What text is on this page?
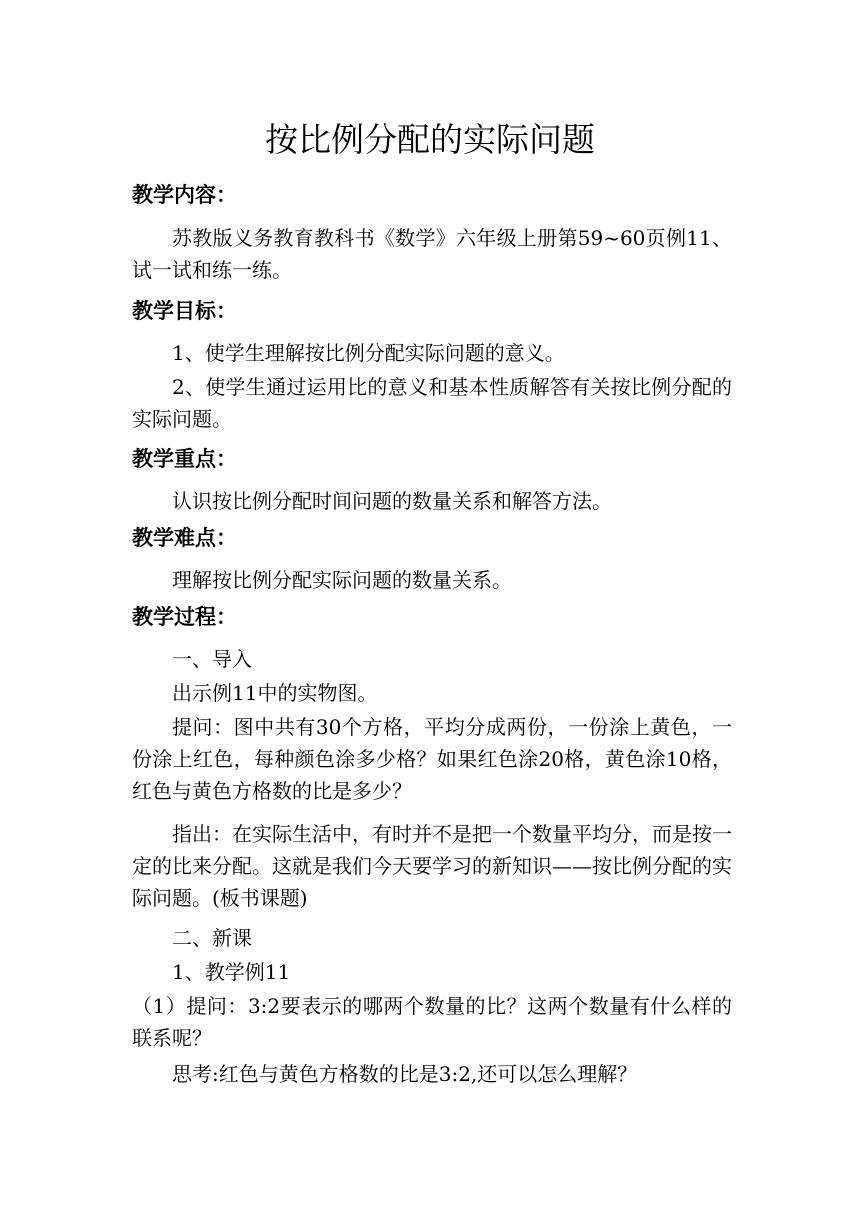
按比例分配的实际问题
教学内容：
苏教版义务教育教科书《数学》六年级上册第59~60页例11、试一试和练一练。
教学目标：
1、使学生理解按比例分配实际问题的意义。
2、使学生通过运用比的意义和基本性质解答有关按比例分配的实际问题。
教学重点：
认识按比例分配时间问题的数量关系和解答方法。
教学难点：
理解按比例分配实际问题的数量关系。
教学过程：
一、导入
出示例11中的实物图。
提问：图中共有30个方格，平均分成两份，一份涂上黄色，一份涂上红色，每种颜色涂多少格？如果红色涂20格，黄色涂10格，红色与黄色方格数的比是多少？
指出：在实际生活中，有时并不是把一个数量平均分，而是按一定的比来分配。这就是我们今天要学习的新知识——按比例分配的实际问题。(板书课题)
二、新课
1、教学例11
（1）提问：3:2要表示的哪两个数量的比？这两个数量有什么样的联系呢？
思考:红色与黄色方格数的比是3:2,还可以怎么理解？
